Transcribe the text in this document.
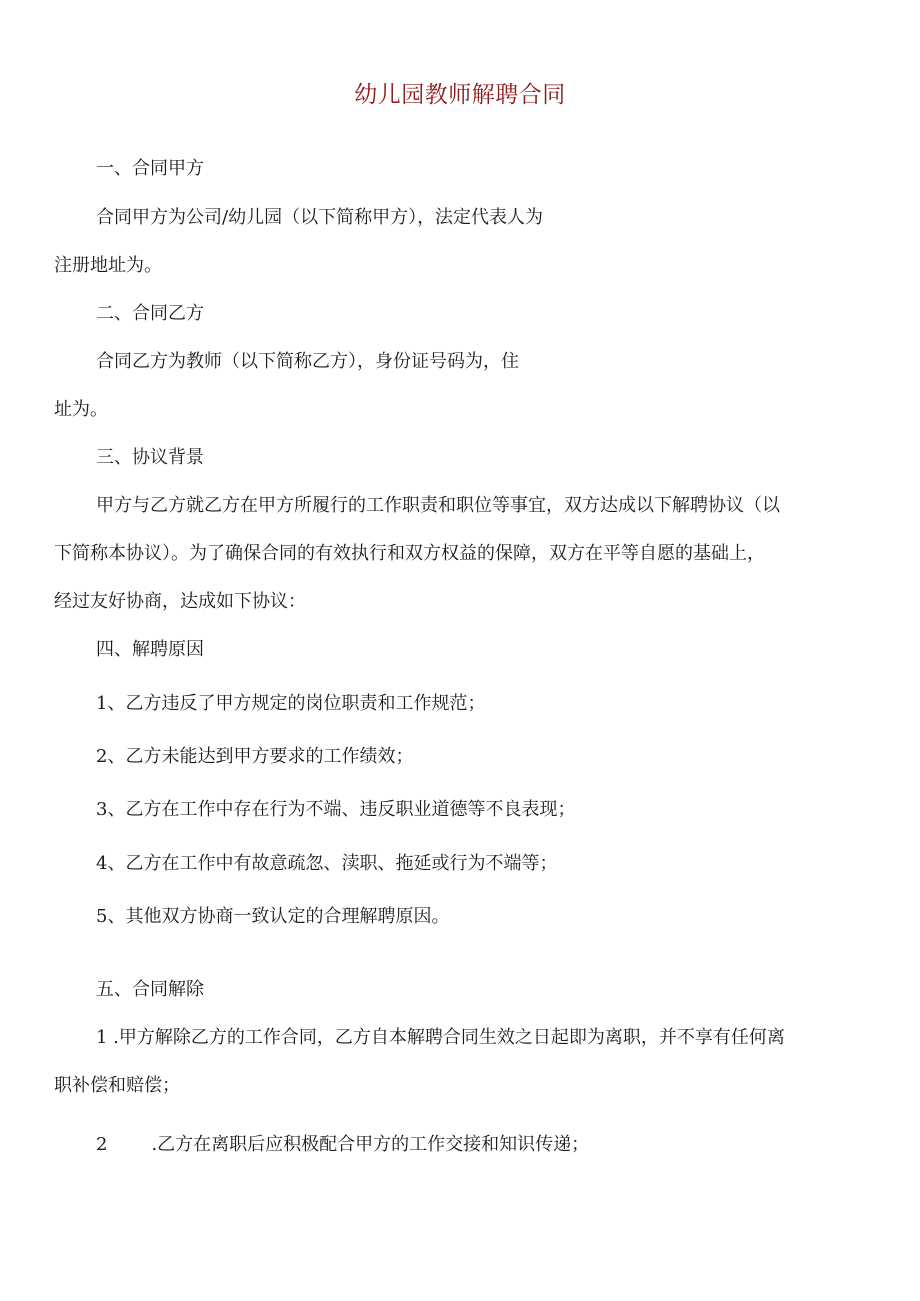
幼儿园教师解聘合同
一、合同甲方
合同甲方为公司/幼儿园（以下简称甲方），法定代表人为
注册地址为。
二、合同乙方
合同乙方为教师（以下简称乙方），身份证号码为，住
址为。
三、协议背景
甲方与乙方就乙方在甲方所履行的工作职责和职位等事宜，双方达成以下解聘协议（以
下简称本协议）。为了确保合同的有效执行和双方权益的保障，双方在平等自愿的基础上，
经过友好协商，达成如下协议：
四、解聘原因
1、乙方违反了甲方规定的岗位职责和工作规范；
2、乙方未能达到甲方要求的工作绩效；
3、乙方在工作中存在行为不端、违反职业道德等不良表现；
4、乙方在工作中有故意疏忽、渎职、拖延或行为不端等；
5、其他双方协商一致认定的合理解聘原因。
五、合同解除
1 .甲方解除乙方的工作合同，乙方自本解聘合同生效之日起即为离职，并不享有任何离
职补偿和赔偿；
2 .乙方在离职后应积极配合甲方的工作交接和知识传递；
